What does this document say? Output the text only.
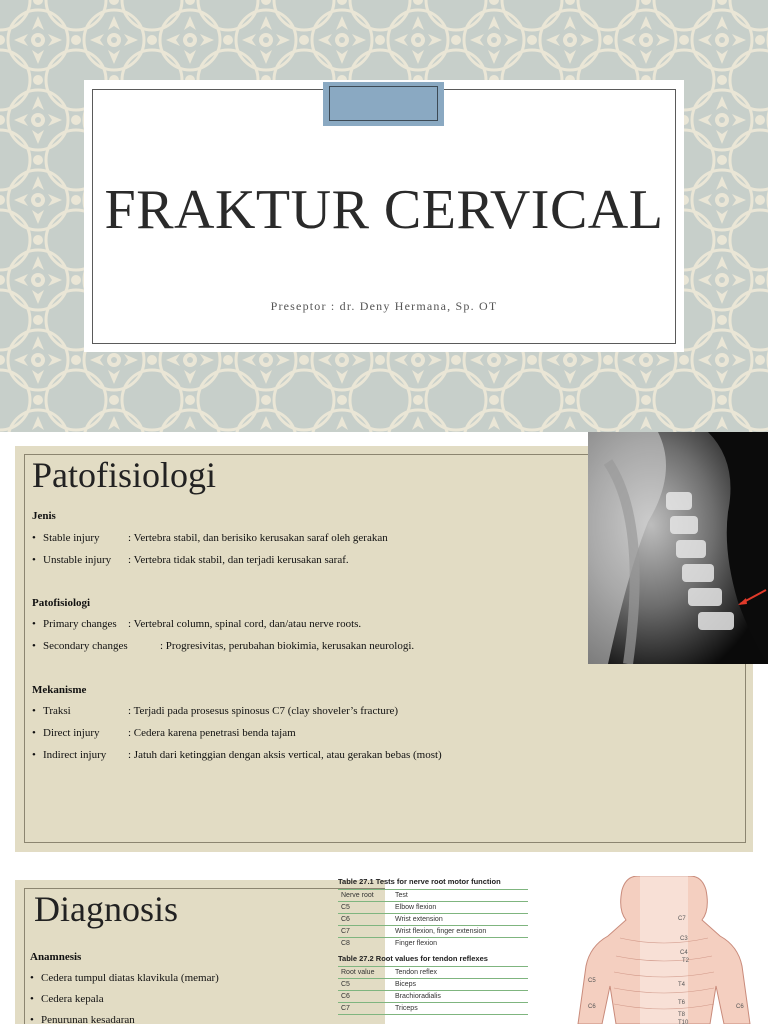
FRAKTUR CERVICAL
Preseptor : dr. Deny Hermana, Sp. OT
Patofisiologi
Jenis
• Stable injury	: Vertebra stabil, dan berisiko kerusakan saraf oleh gerakan
• Unstable injury : Vertebra tidak stabil, dan terjadi kerusakan saraf.
Patofisiologi
• Primary changes : Vertebral column, spinal cord, dan/atau nerve roots.
• Secondary changes	: Progresivitas, perubahan biokimia, kerusakan neurologi.
Mekanisme
• Traksi	: Terjadi pada prosesus spinosus C7 (clay shoveler’s fracture)
• Direct injury	: Cedera karena penetrasi benda tajam
• Indirect injury : Jatuh dari ketinggian dengan aksis vertical, atau gerakan bebas (most)
Diagnosis
Anamnesis
• Cedera tumpul diatas klavikula (memar)
• Cedera kepala
• Penurunan kesadaran
Table 27.1 Tests for nerve root motor function
Nerve root	Test
C5	Elbow flexion
C6	Wrist extension
C7	Wrist flexion, finger extension
C8	Finger flexion
Table 27.2 Root values for tendon reflexes
Root value	Tendon reflex
C5	Biceps
C6	Brachioradialis
C7	Triceps
C7
C3
C4
T2
T4
T6
T8
T10
C5
C6	C6
